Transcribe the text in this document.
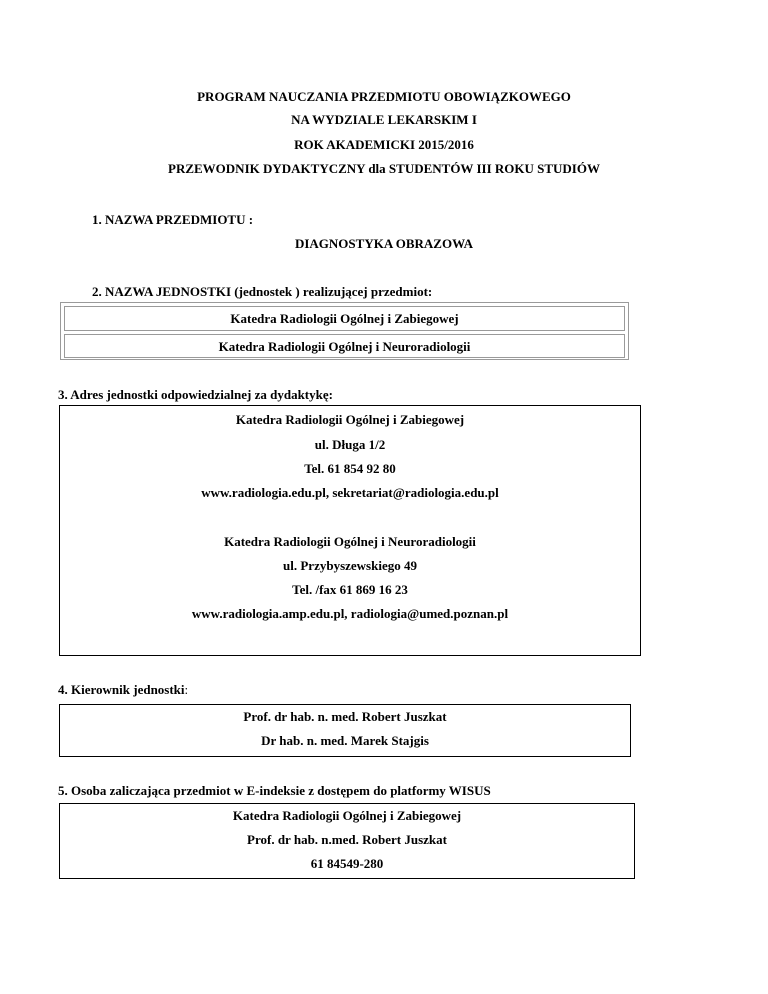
PROGRAM NAUCZANIA PRZEDMIOTU OBOWIĄZKOWEGO
NA WYDZIALE LEKARSKIM I
ROK AKADEMICKI 2015/2016
PRZEWODNIK DYDAKTYCZNY dla STUDENTÓW III ROKU STUDIÓW
1. NAZWA PRZEDMIOTU :
DIAGNOSTYKA OBRAZOWA
2. NAZWA JEDNOSTKI (jednostek ) realizującej przedmiot:
Katedra Radiologii Ogólnej i Zabiegowej
Katedra Radiologii Ogólnej i Neuroradiologii
3. Adres jednostki odpowiedzialnej za dydaktykę:
Katedra Radiologii Ogólnej i Zabiegowej
ul. Długa 1/2
Tel. 61 854 92 80
www.radiologia.edu.pl, sekretariat@radiologia.edu.pl
Katedra Radiologii Ogólnej i Neuroradiologii
ul. Przybyszewskiego 49
Tel. /fax 61 869 16 23
www.radiologia.amp.edu.pl, radiologia@umed.poznan.pl
4. Kierownik jednostki:
Prof. dr hab. n. med. Robert Juszkat
Dr hab. n. med. Marek Stajgis
5. Osoba zaliczająca przedmiot w E-indeksie z dostępem do platformy WISUS
Katedra Radiologii Ogólnej i Zabiegowej
Prof. dr hab. n.med. Robert Juszkat
61 84549-280
